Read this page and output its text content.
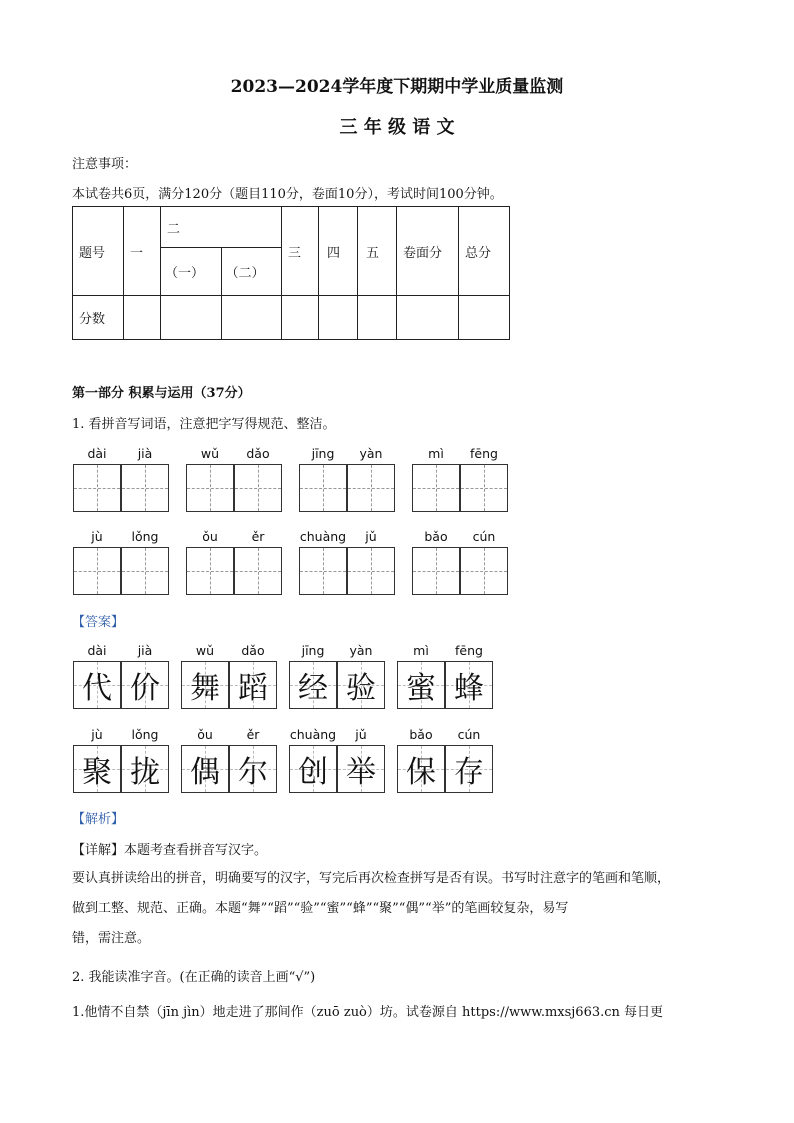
2023—2024学年度下期期中学业质量监测
三 年 级 语 文
注意事项：
本试卷共6页，满分120分（题目110分，卷面10分），考试时间100分钟。
题号	一	二		三	四	五	卷面分	总分
		（一）	（二）					
分数								
第一部分 积累与运用（37分）
1. 看拼音写词语，注意把字写得规范、整洁。
dài	jià	wǔ	dǎo	jīng	yàn	mì	fēng
jù	lǒng	ǒu	ěr	chuàng	jǔ	bǎo	cún
【答案】
dài	jià
代 价
wǔ	dǎo
舞 蹈
jīng	yàn
经 验
mì	fēng
蜜 蜂
jù	lǒng
聚 拢
ǒu	ěr
偶 尔
chuàng	jǔ
创 举
bǎo	cún
保 存
【解析】
【详解】本题考查看拼音写汉字。
要认真拼读给出的拼音，明确要写的汉字，写完后再次检查拼写是否有误。书写时注意字的笔画和笔顺，
做到工整、规范、正确。本题“舞”“蹈”“验”“蜜”“蜂”“聚”“偶”“举”的笔画较复杂，易写
错，需注意。
2. 我能读准字音。(在正确的读音上画“√”)
1.他情不自禁（jīn jìn）地走进了那间作（zuō zuò）坊。试卷源自 https://www.mxsj663.cn 每日更
